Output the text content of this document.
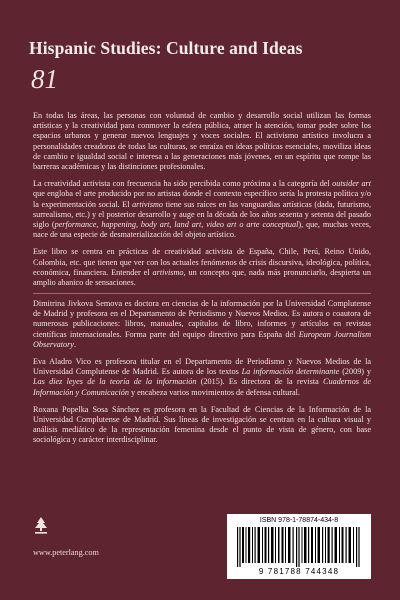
Hispanic Studies: Culture and Ideas
81

En todas las áreas, las personas con voluntad de cambio y desarrollo social utilizan las formas artísticas y la creatividad para conmover la esfera pública, atraer la atención, tomar poder sobre los espacios urbanos y generar nuevos lenguajes y voces sociales. El activismo artístico involucra a personalidades creadoras de todas las culturas, se enraíza en ideas políticas esenciales, moviliza ideas de cambio e igualdad social e interesa a las generaciones más jóvenes, en un espíritu que rompe las barreras académicas y las distinciones profesionales.

La creatividad activista con frecuencia ha sido percibida como próxima a la categoría del outsider art que engloba el arte producido por no artistas donde el contexto específico sería la protesta política y/o la experimentación social. El artivismo tiene sus raíces en las vanguardias artísticas (dada, futurismo, surrealismo, etc.) y el posterior desarrollo y auge en la década de los años sesenta y setenta del pasado siglo (performance, happening, body art, land art, video art o arte conceptual), que, muchas veces, nace de una especie de desmaterialización del objeto artístico.

Este libro se centra en prácticas de creatividad activista de España, Chile, Perú, Reino Unido, Colombia, etc. que tienen que ver con los actuales fenómenos de crisis discursiva, ideológica, política, económica, financiera. Entender el artivismo, un concepto que, nada más pronunciarlo, despierta un amplio abanico de sensaciones.

Dimitrina Jivkova Semova es doctora en ciencias de la información por la Universidad Complutense de Madrid y profesora en el Departamento de Periodismo y Nuevos Medios. Es autora o coautora de numerosas publicaciones: libros, manuales, capítulos de libro, informes y artículos en revistas científicas internacionales. Forma parte del equipo directivo para España del European Journalism Observatory.

Eva Aladro Vico es profesora titular en el Departamento de Periodismo y Nuevos Medios de la Universidad Complutense de Madrid. Es autora de los textos La información determinante (2009) y Las diez leyes de la teoría de la información (2015). Es directora de la revista Cuadernos de Información y Comunicación y encabeza varios movimientos de defensa cultural.

Roxana Popelka Sosa Sánchez es profesora en la Facultad de Ciencias de la Información de la Universidad Complutense de Madrid. Sus líneas de investigación se centran en la cultura visual y análisis mediático de la representación femenina desde el punto de vista de género, con base sociológica y carácter interdisciplinar.

www.peterlang.com
ISBN 978-1-78874-434-8
9 781788 744348
